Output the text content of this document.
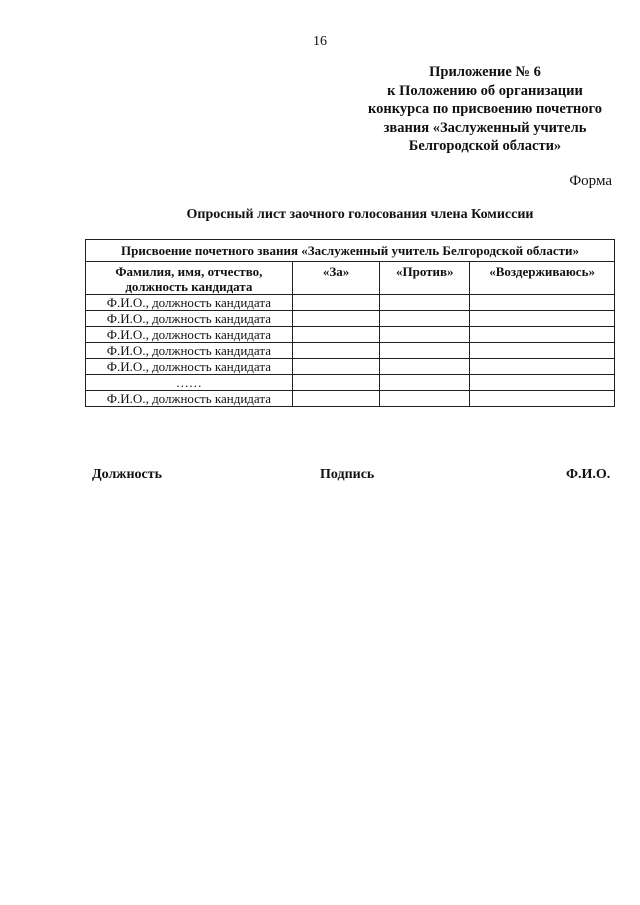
16
Приложение № 6
к Положению об организации
конкурса по присвоению почетного
звания «Заслуженный учитель
Белгородской области»
Форма
Опросный лист заочного голосования члена Комиссии
Присвоение почетного звания «Заслуженный учитель Белгородской области»			

Фамилия, имя, отчество,
должность кандидата	«За»	«Против»	«Воздерживаюсь»
Ф.И.О., должность кандидата			
Ф.И.О., должность кандидата			
Ф.И.О., должность кандидата			
Ф.И.О., должность кандидата			
Ф.И.О., должность кандидата			
……			
Ф.И.О., должность кандидата			
Должность	Подпись	Ф.И.О.
